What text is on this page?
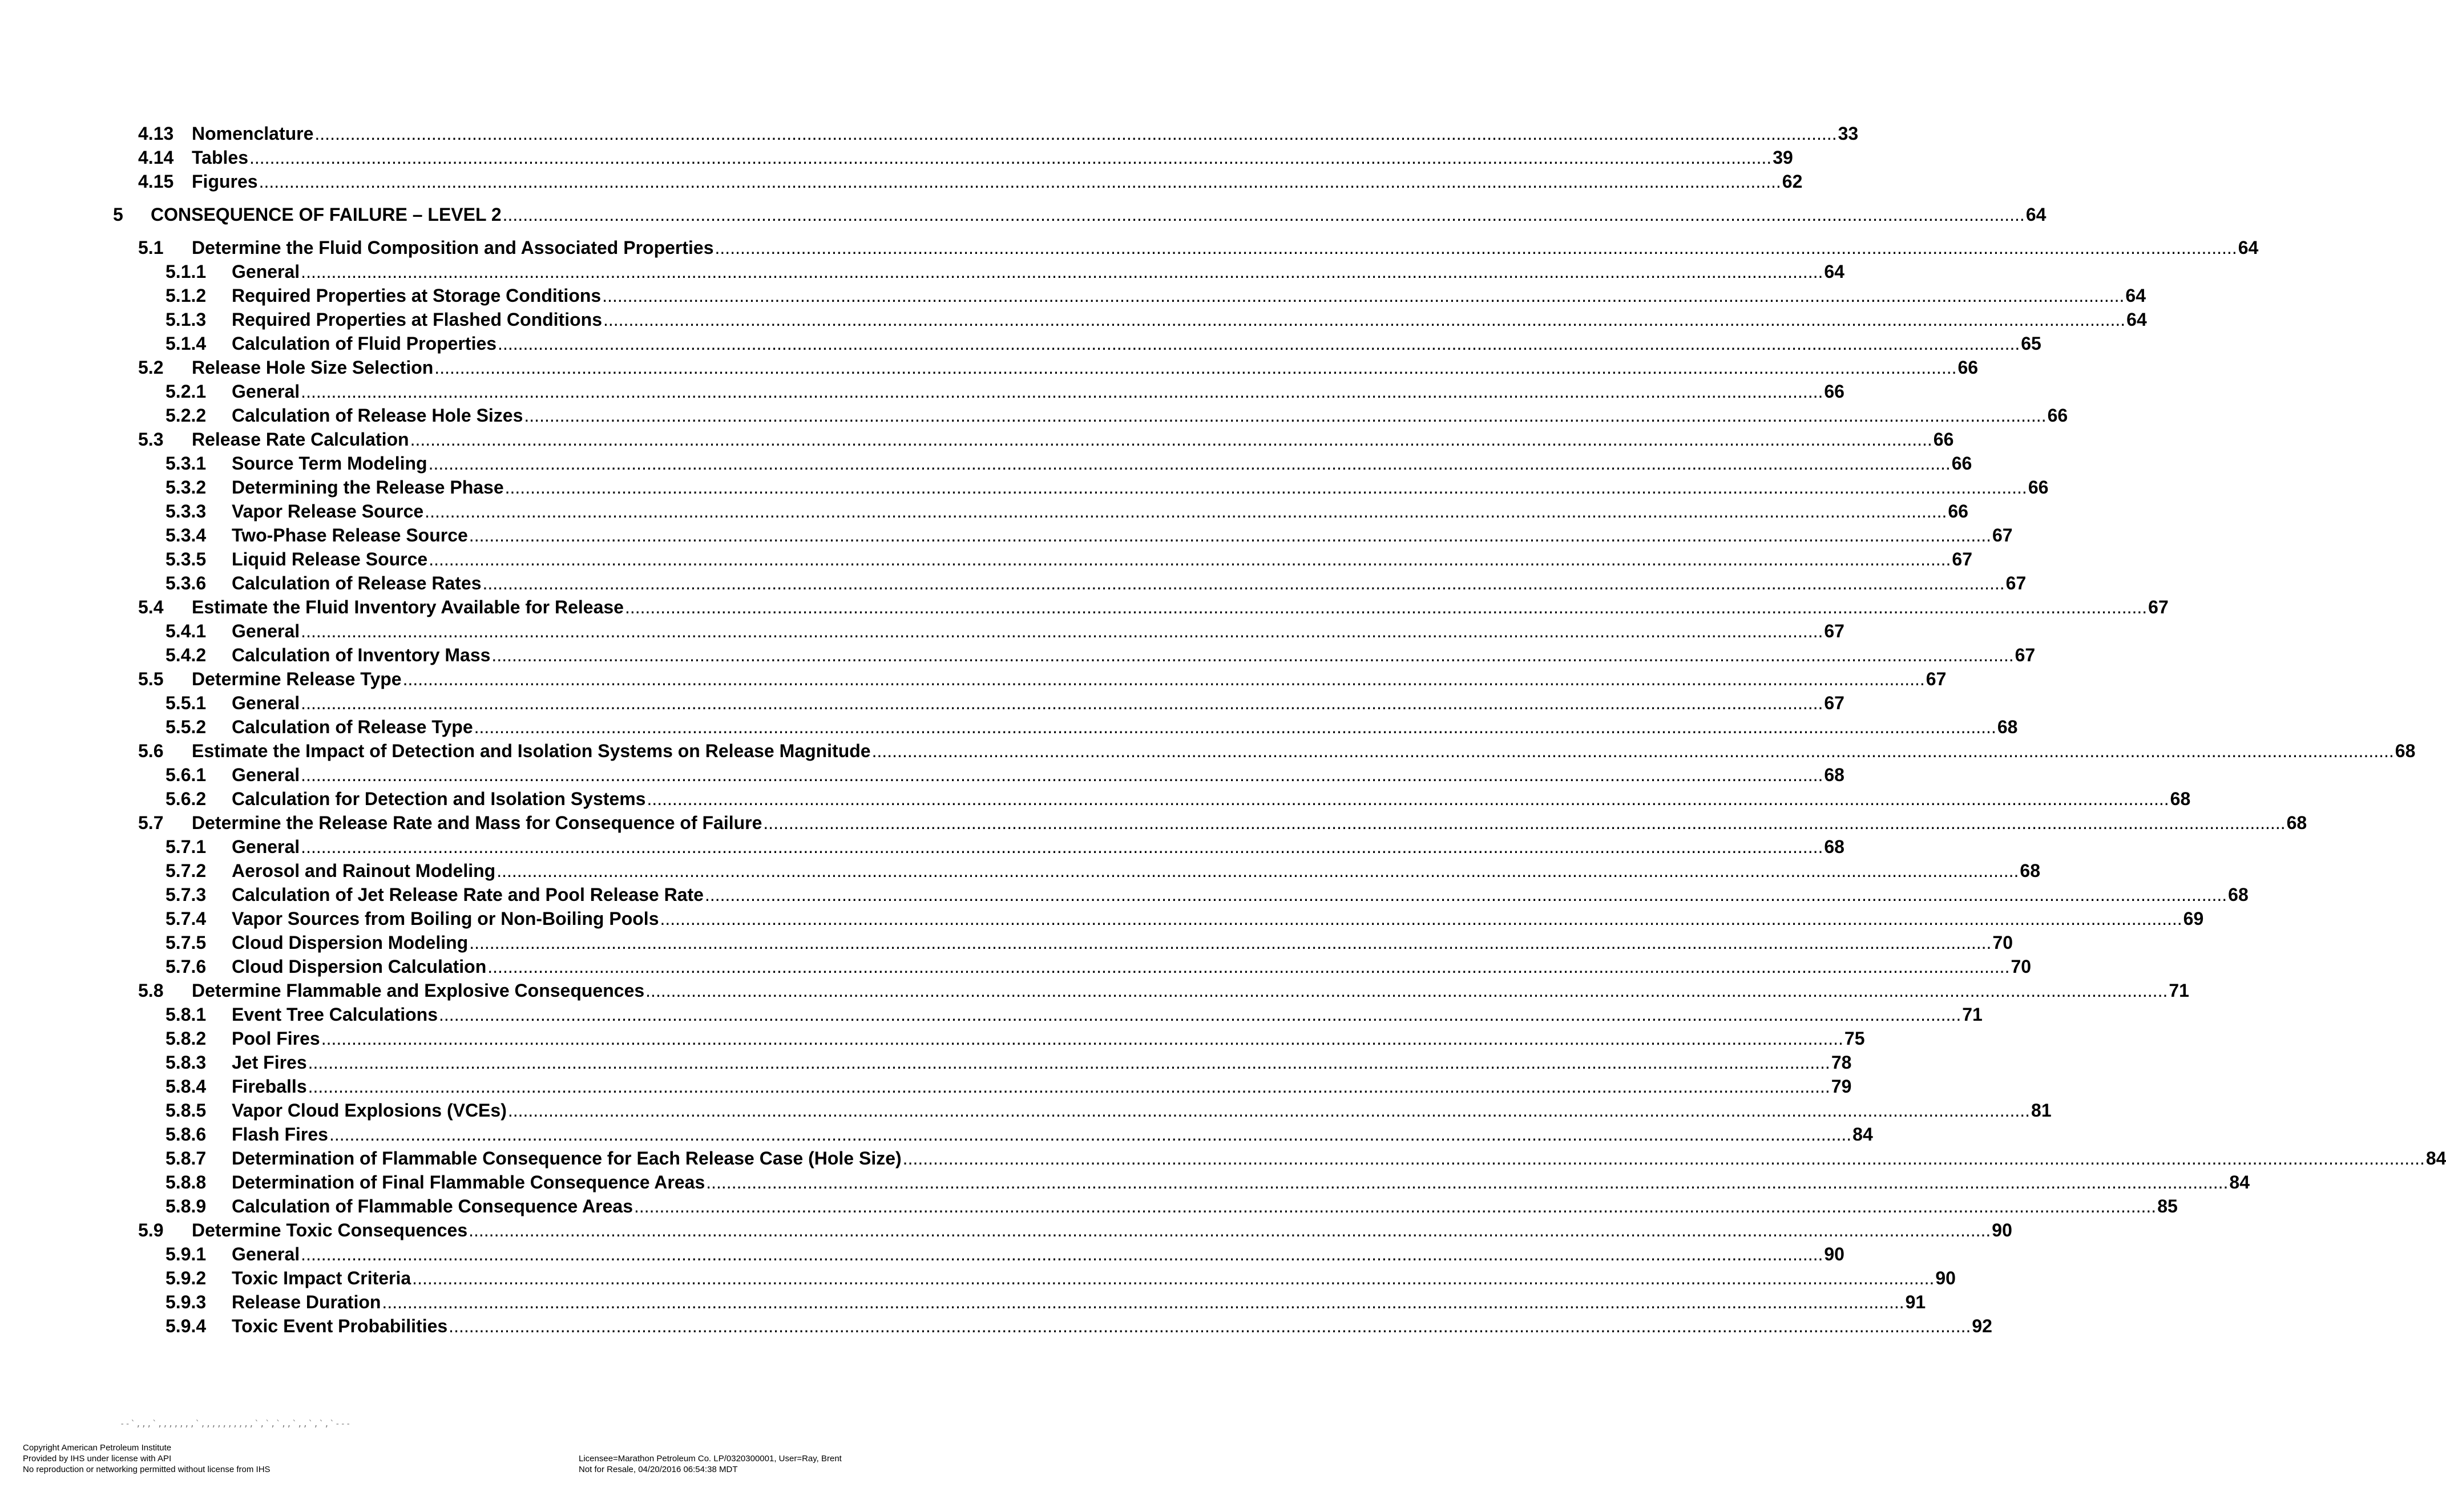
4.13 Nomenclature ............................................................................................................................................................................................................................................................................................................ 33
4.14 Tables ............................................................................................................................................................................................................................................................................................................ 39
4.15 Figures ............................................................................................................................................................................................................................................................................................................ 62
5 CONSEQUENCE OF FAILURE – LEVEL 2 ............................................................................................................................................................................................................................................................................................................ 64
5.1 Determine the Fluid Composition and Associated Properties ............................................................................................................................................................................................................................................................................................................ 64
5.1.1 General ............................................................................................................................................................................................................................................................................................................ 64
5.1.2 Required Properties at Storage Conditions ............................................................................................................................................................................................................................................................................................................ 64
5.1.3 Required Properties at Flashed Conditions ............................................................................................................................................................................................................................................................................................................ 64
5.1.4 Calculation of Fluid Properties ............................................................................................................................................................................................................................................................................................................ 65
5.2 Release Hole Size Selection ............................................................................................................................................................................................................................................................................................................ 66
5.2.1 General ............................................................................................................................................................................................................................................................................................................ 66
5.2.2 Calculation of Release Hole Sizes ............................................................................................................................................................................................................................................................................................................ 66
5.3 Release Rate Calculation ............................................................................................................................................................................................................................................................................................................ 66
5.3.1 Source Term Modeling ............................................................................................................................................................................................................................................................................................................ 66
5.3.2 Determining the Release Phase ............................................................................................................................................................................................................................................................................................................ 66
5.3.3 Vapor Release Source ............................................................................................................................................................................................................................................................................................................ 66
5.3.4 Two-Phase Release Source ............................................................................................................................................................................................................................................................................................................ 67
5.3.5 Liquid Release Source ............................................................................................................................................................................................................................................................................................................ 67
5.3.6 Calculation of Release Rates ............................................................................................................................................................................................................................................................................................................ 67
5.4 Estimate the Fluid Inventory Available for Release ............................................................................................................................................................................................................................................................................................................ 67
5.4.1 General ............................................................................................................................................................................................................................................................................................................ 67
5.4.2 Calculation of Inventory Mass ............................................................................................................................................................................................................................................................................................................ 67
5.5 Determine Release Type ............................................................................................................................................................................................................................................................................................................ 67
5.5.1 General ............................................................................................................................................................................................................................................................................................................ 67
5.5.2 Calculation of Release Type ............................................................................................................................................................................................................................................................................................................ 68
5.6 Estimate the Impact of Detection and Isolation Systems on Release Magnitude ............................................................................................................................................................................................................................................................................................................ 68
5.6.1 General ............................................................................................................................................................................................................................................................................................................ 68
5.6.2 Calculation for Detection and Isolation Systems ............................................................................................................................................................................................................................................................................................................ 68
5.7 Determine the Release Rate and Mass for Consequence of Failure ............................................................................................................................................................................................................................................................................................................ 68
5.7.1 General ............................................................................................................................................................................................................................................................................................................ 68
5.7.2 Aerosol and Rainout Modeling ............................................................................................................................................................................................................................................................................................................ 68
5.7.3 Calculation of Jet Release Rate and Pool Release Rate ............................................................................................................................................................................................................................................................................................................ 68
5.7.4 Vapor Sources from Boiling or Non-Boiling Pools ............................................................................................................................................................................................................................................................................................................ 69
5.7.5 Cloud Dispersion Modeling ............................................................................................................................................................................................................................................................................................................ 70
5.7.6 Cloud Dispersion Calculation ............................................................................................................................................................................................................................................................................................................ 70
5.8 Determine Flammable and Explosive Consequences ............................................................................................................................................................................................................................................................................................................ 71
5.8.1 Event Tree Calculations ............................................................................................................................................................................................................................................................................................................ 71
5.8.2 Pool Fires ............................................................................................................................................................................................................................................................................................................ 75
5.8.3 Jet Fires ............................................................................................................................................................................................................................................................................................................ 78
5.8.4 Fireballs ............................................................................................................................................................................................................................................................................................................ 79
5.8.5 Vapor Cloud Explosions (VCEs) ............................................................................................................................................................................................................................................................................................................ 81
5.8.6 Flash Fires ............................................................................................................................................................................................................................................................................................................ 84
5.8.7 Determination of Flammable Consequence for Each Release Case (Hole Size) ............................................................................................................................................................................................................................................................................................................ 84
5.8.8 Determination of Final Flammable Consequence Areas ............................................................................................................................................................................................................................................................................................................ 84
5.8.9 Calculation of Flammable Consequence Areas ............................................................................................................................................................................................................................................................................................................ 85
5.9 Determine Toxic Consequences ............................................................................................................................................................................................................................................................................................................ 90
5.9.1 General ............................................................................................................................................................................................................................................................................................................ 90
5.9.2 Toxic Impact Criteria ............................................................................................................................................................................................................................................................................................................ 90
5.9.3 Release Duration ............................................................................................................................................................................................................................................................................................................ 91
5.9.4 Toxic Event Probabilities ............................................................................................................................................................................................................................................................................................................ 92
--`,,,`,,,,,,,`,,,,,,,,,,`,`,`,,`,,`,`,`---
Copyright American Petroleum Institute
Provided by IHS under license with API
No reproduction or networking permitted without license from IHS
Licensee=Marathon Petroleum Co. LP/0320300001, User=Ray, Brent
Not for Resale, 04/20/2016 06:54:38 MDT
